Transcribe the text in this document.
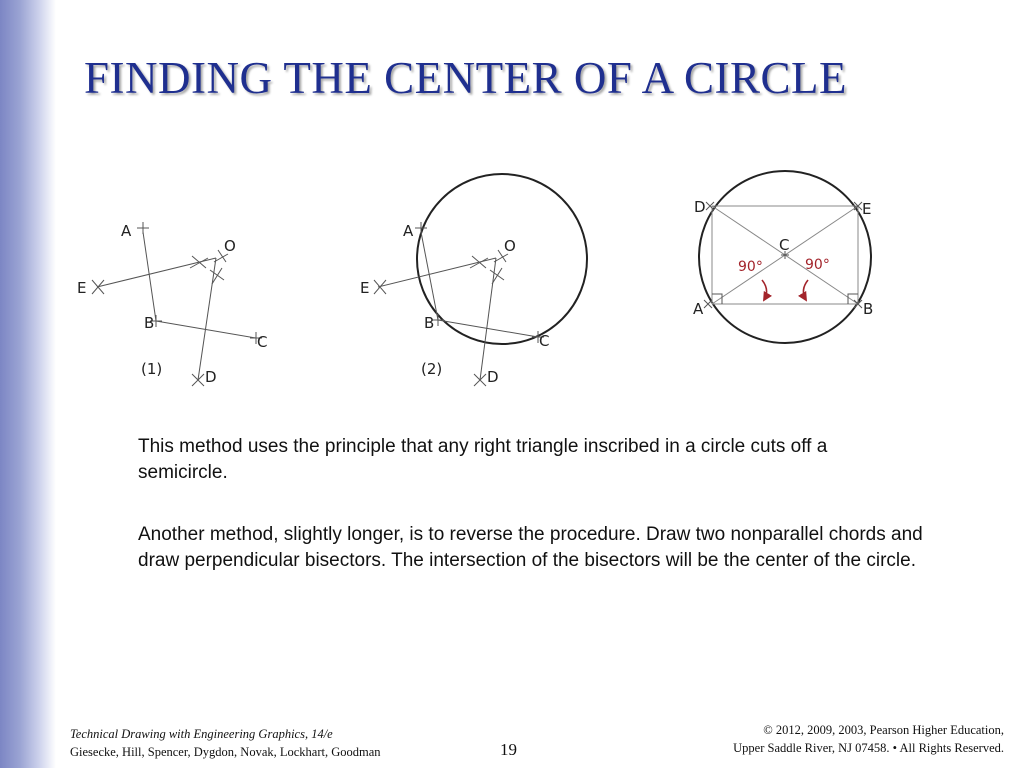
FINDING THE CENTER OF A CIRCLE
A
O
E
B
C
D
(1)
A
O
E
B
C
D
(2)
D	E
C
A	B
90°	90°

This method uses the principle that any right triangle inscribed in a circle cuts off a semicircle.

Another method, slightly longer, is to reverse the procedure. Draw two nonparallel chords and draw perpendicular bisectors. The intersection of the bisectors will be the center of the circle.

Technical Drawing with Engineering Graphics, 14/e
Giesecke, Hill, Spencer, Dygdon, Novak, Lockhart, Goodman	19
© 2012, 2009, 2003, Pearson Higher Education,
Upper Saddle River, NJ 07458. • All Rights Reserved.
